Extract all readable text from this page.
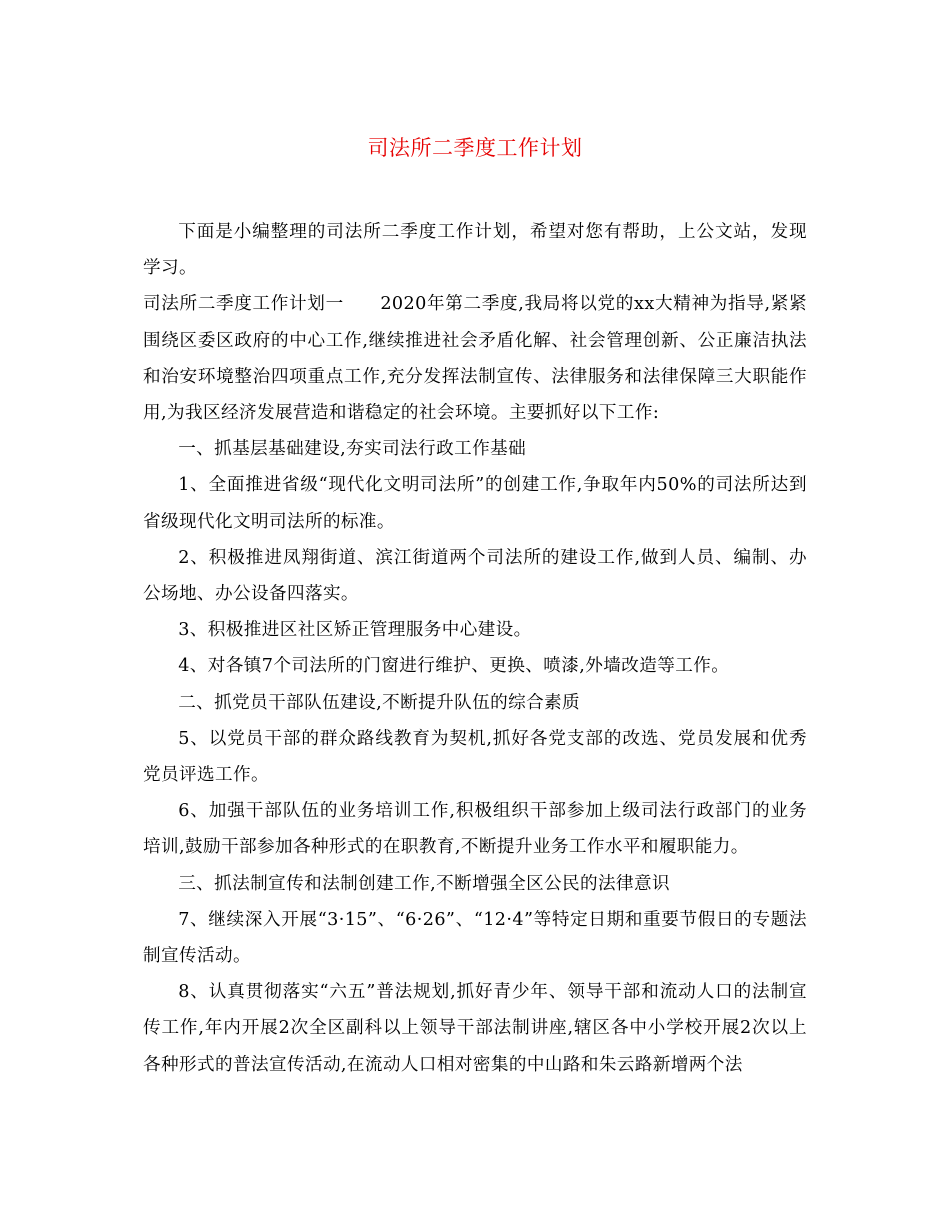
司法所二季度工作计划

下面是小编整理的司法所二季度工作计划，希望对您有帮助，上公文站，发现学习。

司法所二季度工作计划一　　2020年第二季度,我局将以党的xx大精神为指导,紧紧围绕区委区政府的中心工作,继续推进社会矛盾化解、社会管理创新、公正廉洁执法和治安环境整治四项重点工作,充分发挥法制宣传、法律服务和法律保障三大职能作用,为我区经济发展营造和谐稳定的社会环境。主要抓好以下工作:

一、抓基层基础建设,夯实司法行政工作基础

1、全面推进省级“现代化文明司法所”的创建工作,争取年内50%的司法所达到省级现代化文明司法所的标准。

2、积极推进凤翔街道、滨江街道两个司法所的建设工作,做到人员、编制、办公场地、办公设备四落实。

3、积极推进区社区矫正管理服务中心建设。

4、对各镇7个司法所的门窗进行维护、更换、喷漆,外墙改造等工作。

二、抓党员干部队伍建设,不断提升队伍的综合素质

5、以党员干部的群众路线教育为契机,抓好各党支部的改选、党员发展和优秀党员评选工作。

6、加强干部队伍的业务培训工作,积极组织干部参加上级司法行政部门的业务培训,鼓励干部参加各种形式的在职教育,不断提升业务工作水平和履职能力。

三、抓法制宣传和法制创建工作,不断增强全区公民的法律意识

7、继续深入开展“3·15”、“6·26”、“12·4”等特定日期和重要节假日的专题法制宣传活动。

8、认真贯彻落实“六五”普法规划,抓好青少年、领导干部和流动人口的法制宣传工作,年内开展2次全区副科以上领导干部法制讲座,辖区各中小学校开展2次以上各种形式的普法宣传活动,在流动人口相对密集的中山路和朱云路新增两个法
